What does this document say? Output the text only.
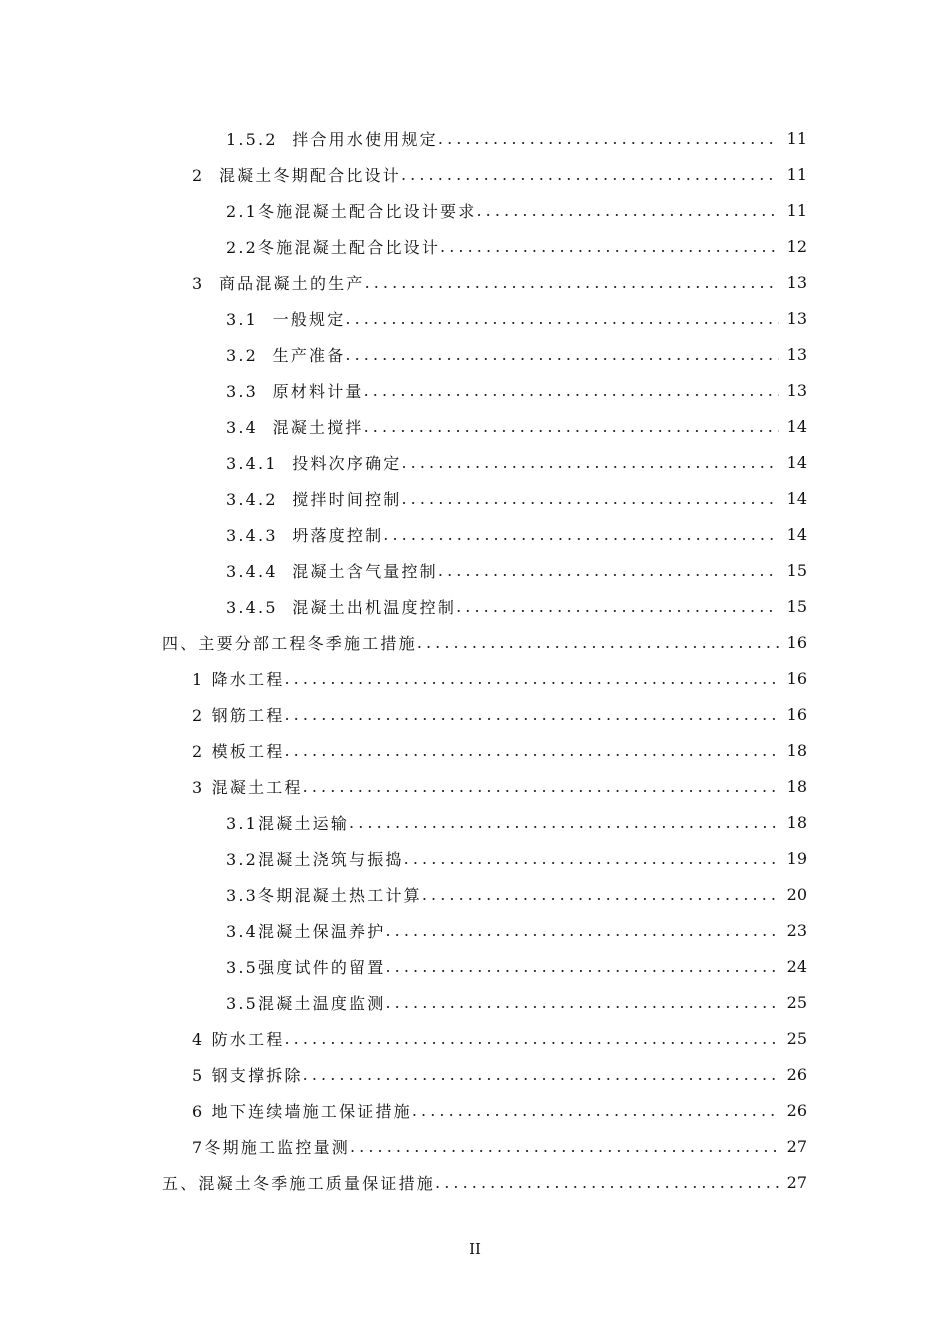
1.5.2  拌合用水使用规定 .....	11
2  混凝土冬期配合比设计 .....	11
2.1冬施混凝土配合比设计要求 .....	11
2.2冬施混凝土配合比设计 .....	12
3  商品混凝土的生产 .....	13
3.1  一般规定 .....	13
3.2  生产准备 .....	13
3.3  原材料计量 .....	13
3.4  混凝土搅拌 .....	14
3.4.1  投料次序确定 .....	14
3.4.2  搅拌时间控制 .....	14
3.4.3  坍落度控制 .....	14
3.4.4  混凝土含气量控制 .....	15
3.4.5  混凝土出机温度控制 .....	15
四、主要分部工程冬季施工措施 .....	16
1 降水工程 .....	16
2 钢筋工程 .....	16
2 模板工程 .....	18
3 混凝土工程 .....	18
3.1混凝土运输 .....	18
3.2混凝土浇筑与振捣 .....	19
3.3冬期混凝土热工计算 .....	20
3.4混凝土保温养护 .....	23
3.5强度试件的留置 .....	24
3.5混凝土温度监测 .....	25
4 防水工程 .....	25
5 钢支撑拆除 .....	26
6 地下连续墙施工保证措施 .....	26
7冬期施工监控量测 .....	27
五、混凝土冬季施工质量保证措施 .....	27
II
